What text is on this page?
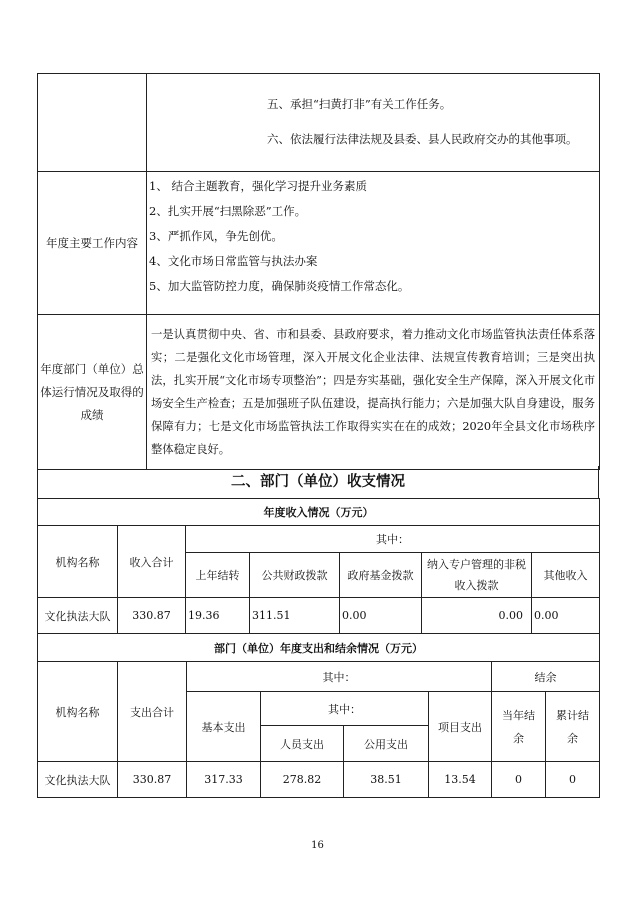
	五、承担“扫黄打非”有关工作任务。
六、依法履行法律法规及县委、县人民政府交办的其他事项。

年度主要工作内容	1、 结合主题教育，强化学习提升业务素质
2、扎实开展“扫黑除恶”工作。
3、严抓作风，争先创优。
4、文化市场日常监管与执法办案
5、加大监管防控力度，确保肺炎疫情工作常态化。

年度部门（单位）总体运行情况及取得的成绩	一是认真贯彻中央、省、市和县委、县政府要求，着力推动文化市场监管执法责任体系落实；二是强化文化市场管理，深入开展文化企业法律、法规宣传教育培训；三是突出执法，扎实开展“文化市场专项整治”；四是夯实基础，强化安全生产保障，深入开展文化市场安全生产检查；五是加强班子队伍建设，提高执行能力；六是加强大队自身建设，服务保障有力；七是文化市场监管执法工作取得实实在在的成效；2020年全县文化市场秩序整体稳定良好。
二、部门（单位）收支情况
年度收入情况（万元）						
机构名称	收入合计	其中：				
		上年结转	公共财政拨款	政府基金拨款	纳入专户管理的非税收入拨款	其他收入
文化执法大队	330.87	19.36	311.51	0.00	0.00	0.00
部门（单位）年度支出和结余情况（万元）							
机构名称	支出合计	其中：				结余	
		基本支出	其中：		项目支出	当年结余	累计结余
			人员支出	公用支出			
文化执法大队	330.87	317.33	278.82	38.51	13.54	0	0
16
